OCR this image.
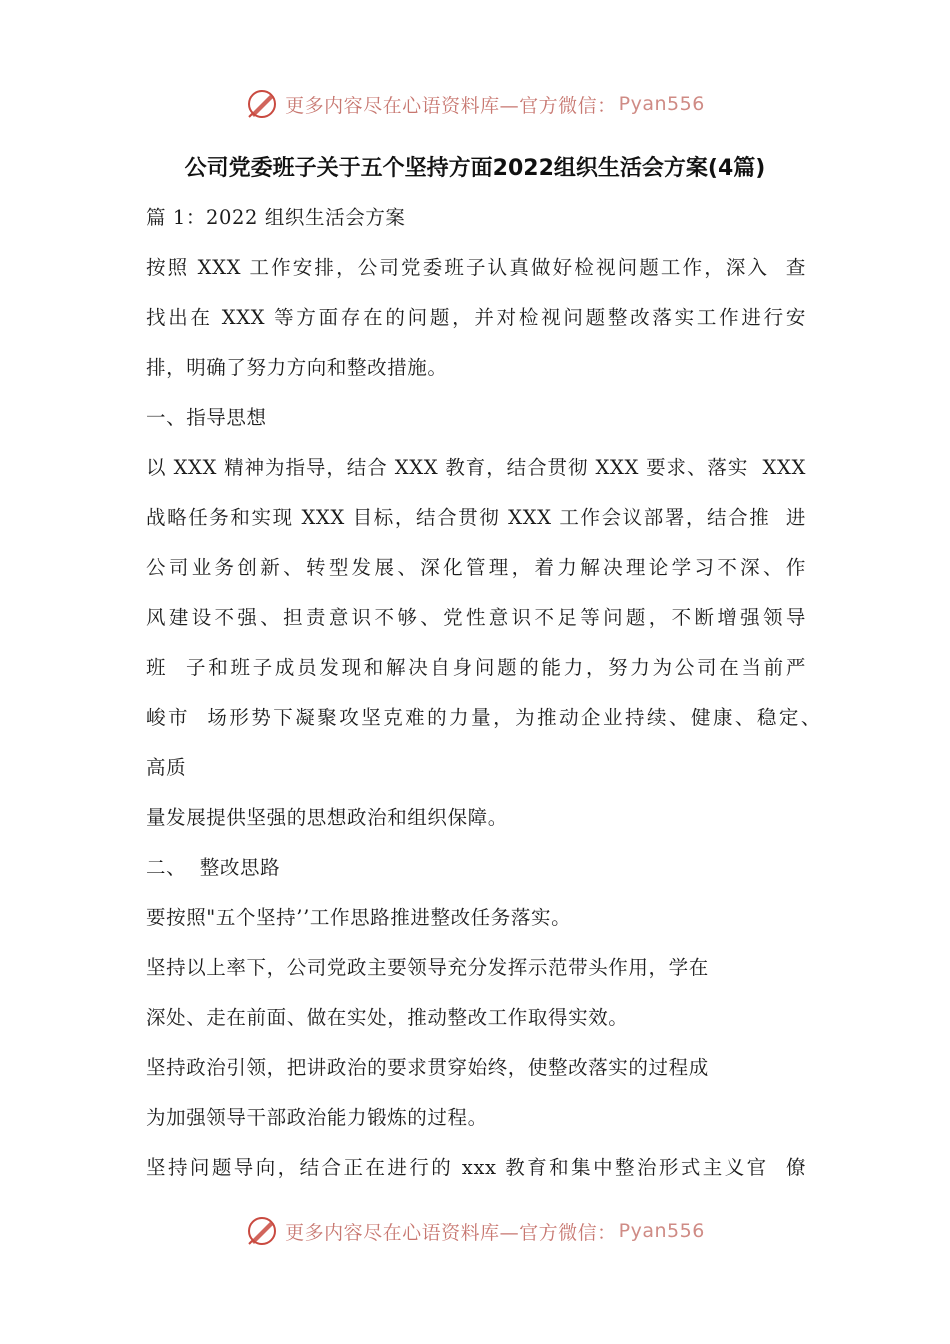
更多内容尽在心语资料库—官方微信： Pyan556
公司党委班子关于五个坚持方面2022组织生活会方案(4篇)
篇 1：2022 组织生活会方案
按照 XXX 工作安排，公司党委班子认真做好检视问题工作，深入  查
找出在 XXX 等方面存在的问题，并对检视问题整改落实工作进行安
排，明确了努力方向和整改措施。
一、指导思想
以 XXX 精神为指导，结合 XXX 教育，结合贯彻 XXX 要求、落实  XXX
战略任务和实现 XXX 目标，结合贯彻 XXX 工作会议部署，结合推  进
公司业务创新、转型发展、深化管理，着力解决理论学习不深、作
风建设不强、担责意识不够、党性意识不足等问题，不断增强领导
班  子和班子成员发现和解决自身问题的能力，努力为公司在当前严
峻市  场形势下凝聚攻坚克难的力量，为推动企业持续、健康、稳定、
高质
量发展提供坚强的思想政治和组织保障。
二、  整改思路
要按照"五个坚持’’工作思路推进整改任务落实。
坚持以上率下，公司党政主要领导充分发挥示范带头作用，学在
深处、走在前面、做在实处，推动整改工作取得实效。
坚持政治引领，把讲政治的要求贯穿始终，使整改落实的过程成
为加强领导干部政治能力锻炼的过程。
坚持问题导向，结合正在进行的 xxx 教育和集中整治形式主义官  僚
更多内容尽在心语资料库—官方微信： Pyan556
